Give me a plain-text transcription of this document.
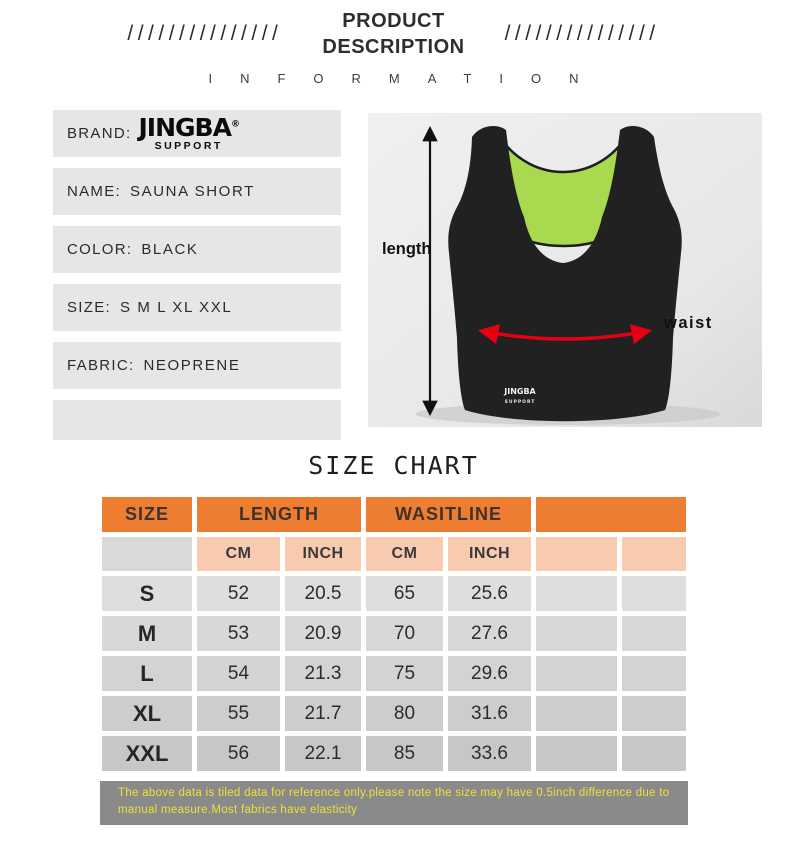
///////////////
PRODUCT
DESCRIPTION
///////////////
INFORMATION
BRAND: JINGBA®
SUPPORT
NAME: SAUNA SHORT
COLOR: BLACK
SIZE: S M L XL XXL
FABRIC: NEOPRENE
JINGBA
SUPPORT
length
waist
SIZE CHART
SIZE	LENGTH		WASITLINE			
	CM	INCH	CM	INCH		
S	52	20.5	65	25.6		
M	53	20.9	70	27.6		
L	54	21.3	75	29.6		
XL	55	21.7	80	31.6		
XXL	56	22.1	85	33.6		
The above data is tiled data for reference only.please note the size may have 0.5inch difference due to
manual measure.Most fabrics have elasticity
